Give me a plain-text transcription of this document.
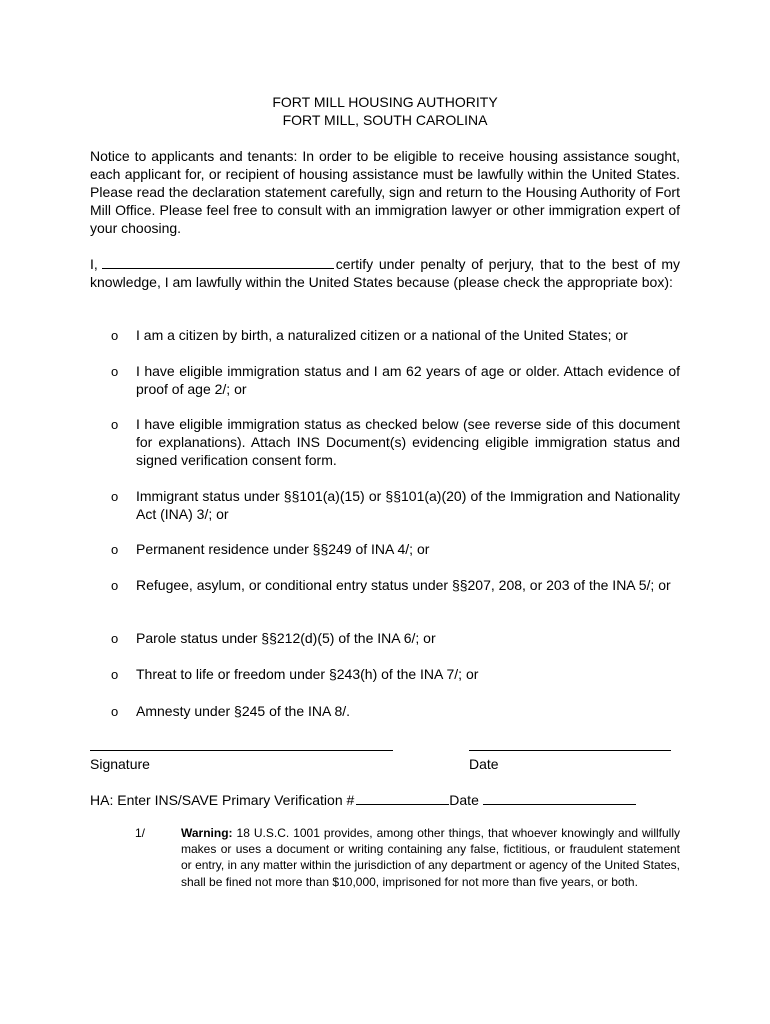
FORT MILL HOUSING AUTHORITY
FORT MILL, SOUTH CAROLINA
Notice to applicants and tenants: In order to be eligible to receive housing assistance sought, each applicant for, or recipient of housing assistance must be lawfully within the United States. Please read the declaration statement carefully, sign and return to the Housing Authority of Fort Mill Office. Please feel free to consult with an immigration lawyer or other immigration expert of your choosing.
I,	certify under penalty of perjury, that to the best of my knowledge, I am lawfully within the United States because (please check the appropriate box):
o I am a citizen by birth, a naturalized citizen or a national of the United States; or
o I have eligible immigration status and I am 62 years of age or older. Attach evidence of proof of age 2/; or
o I have eligible immigration status as checked below (see reverse side of this document for explanations). Attach INS Document(s) evidencing eligible immigration status and signed verification consent form.
o Immigrant status under §§101(a)(15) or §§101(a)(20) of the Immigration and Nationality Act (INA) 3/; or
o Permanent residence under §§249 of INA 4/; or
o Refugee, asylum, or conditional entry status under §§207, 208, or 203 of the INA 5/; or
o Parole status under §§212(d)(5) of the INA 6/; or
o Threat to life or freedom under §243(h) of the INA 7/; or
o Amnesty under §245 of the INA 8/.
Signature	Date
HA: Enter INS/SAVE Primary Verification #	Date
1/	Warning: 18 U.S.C. 1001 provides, among other things, that whoever knowingly and willfully makes or uses a document or writing containing any false, fictitious, or fraudulent statement or entry, in any matter within the jurisdiction of any department or agency of the United States, shall be fined not more than $10,000, imprisoned for not more than five years, or both.
